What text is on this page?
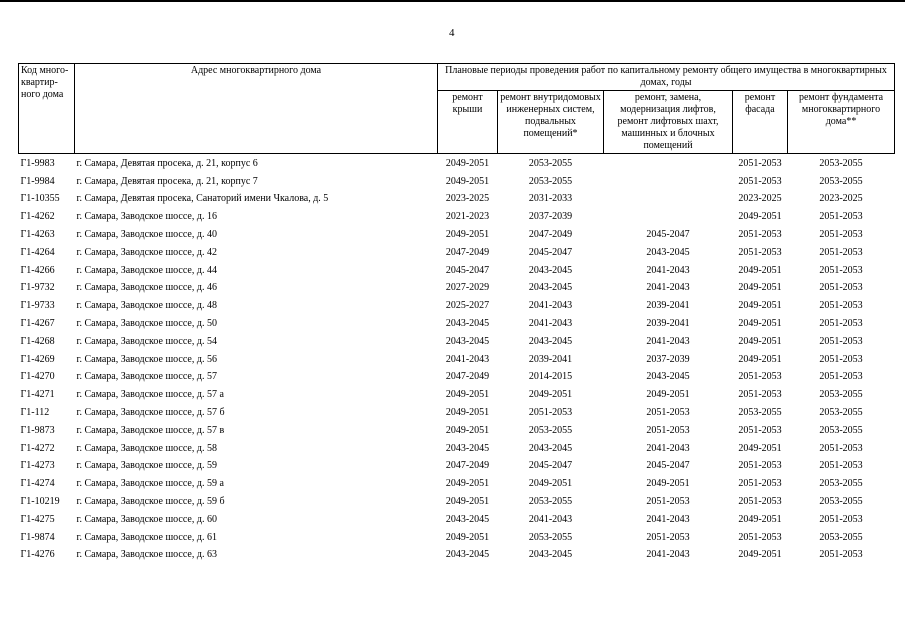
4
Код много-квартир-ного дома	Адрес многоквартирного дома	Плановые периоды проведения работ по капитальному ремонту общего имущества в многоквартирных домах, годы				
		ремонт крыши	ремонт внутридомовых инженерных систем, подвальных помещений*	ремонт, замена, модернизация лифтов, ремонт лифтовых шахт, машинных и блочных помещений	ремонт фасада	ремонт фундамента многоквартирного дома**
Г1-9983	г. Самара, Девятая просека, д. 21, корпус 6	2049-2051	2053-2055		2051-2053	2053-2055
Г1-9984	г. Самара, Девятая просека, д. 21, корпус 7	2049-2051	2053-2055		2051-2053	2053-2055
Г1-10355	г. Самара, Девятая просека, Санаторий имени Чкалова, д. 5	2023-2025	2031-2033		2023-2025	2023-2025
Г1-4262	г. Самара, Заводское шоссе, д. 16	2021-2023	2037-2039		2049-2051	2051-2053
Г1-4263	г. Самара, Заводское шоссе, д. 40	2049-2051	2047-2049	2045-2047	2051-2053	2051-2053
Г1-4264	г. Самара, Заводское шоссе, д. 42	2047-2049	2045-2047	2043-2045	2051-2053	2051-2053
Г1-4266	г. Самара, Заводское шоссе, д. 44	2045-2047	2043-2045	2041-2043	2049-2051	2051-2053
Г1-9732	г. Самара, Заводское шоссе, д. 46	2027-2029	2043-2045	2041-2043	2049-2051	2051-2053
Г1-9733	г. Самара, Заводское шоссе, д. 48	2025-2027	2041-2043	2039-2041	2049-2051	2051-2053
Г1-4267	г. Самара, Заводское шоссе, д. 50	2043-2045	2041-2043	2039-2041	2049-2051	2051-2053
Г1-4268	г. Самара, Заводское шоссе, д. 54	2043-2045	2043-2045	2041-2043	2049-2051	2051-2053
Г1-4269	г. Самара, Заводское шоссе, д. 56	2041-2043	2039-2041	2037-2039	2049-2051	2051-2053
Г1-4270	г. Самара, Заводское шоссе, д. 57	2047-2049	2014-2015	2043-2045	2051-2053	2051-2053
Г1-4271	г. Самара, Заводское шоссе, д. 57 а	2049-2051	2049-2051	2049-2051	2051-2053	2053-2055
Г1-112	г. Самара, Заводское шоссе, д. 57 б	2049-2051	2051-2053	2051-2053	2053-2055	2053-2055
Г1-9873	г. Самара, Заводское шоссе, д. 57 в	2049-2051	2053-2055	2051-2053	2051-2053	2053-2055
Г1-4272	г. Самара, Заводское шоссе, д. 58	2043-2045	2043-2045	2041-2043	2049-2051	2051-2053
Г1-4273	г. Самара, Заводское шоссе, д. 59	2047-2049	2045-2047	2045-2047	2051-2053	2051-2053
Г1-4274	г. Самара, Заводское шоссе, д. 59 а	2049-2051	2049-2051	2049-2051	2051-2053	2053-2055
Г1-10219	г. Самара, Заводское шоссе, д. 59 б	2049-2051	2053-2055	2051-2053	2051-2053	2053-2055
Г1-4275	г. Самара, Заводское шоссе, д. 60	2043-2045	2041-2043	2041-2043	2049-2051	2051-2053
Г1-9874	г. Самара, Заводское шоссе, д. 61	2049-2051	2053-2055	2051-2053	2051-2053	2053-2055
Г1-4276	г. Самара, Заводское шоссе, д. 63	2043-2045	2043-2045	2041-2043	2049-2051	2051-2053
